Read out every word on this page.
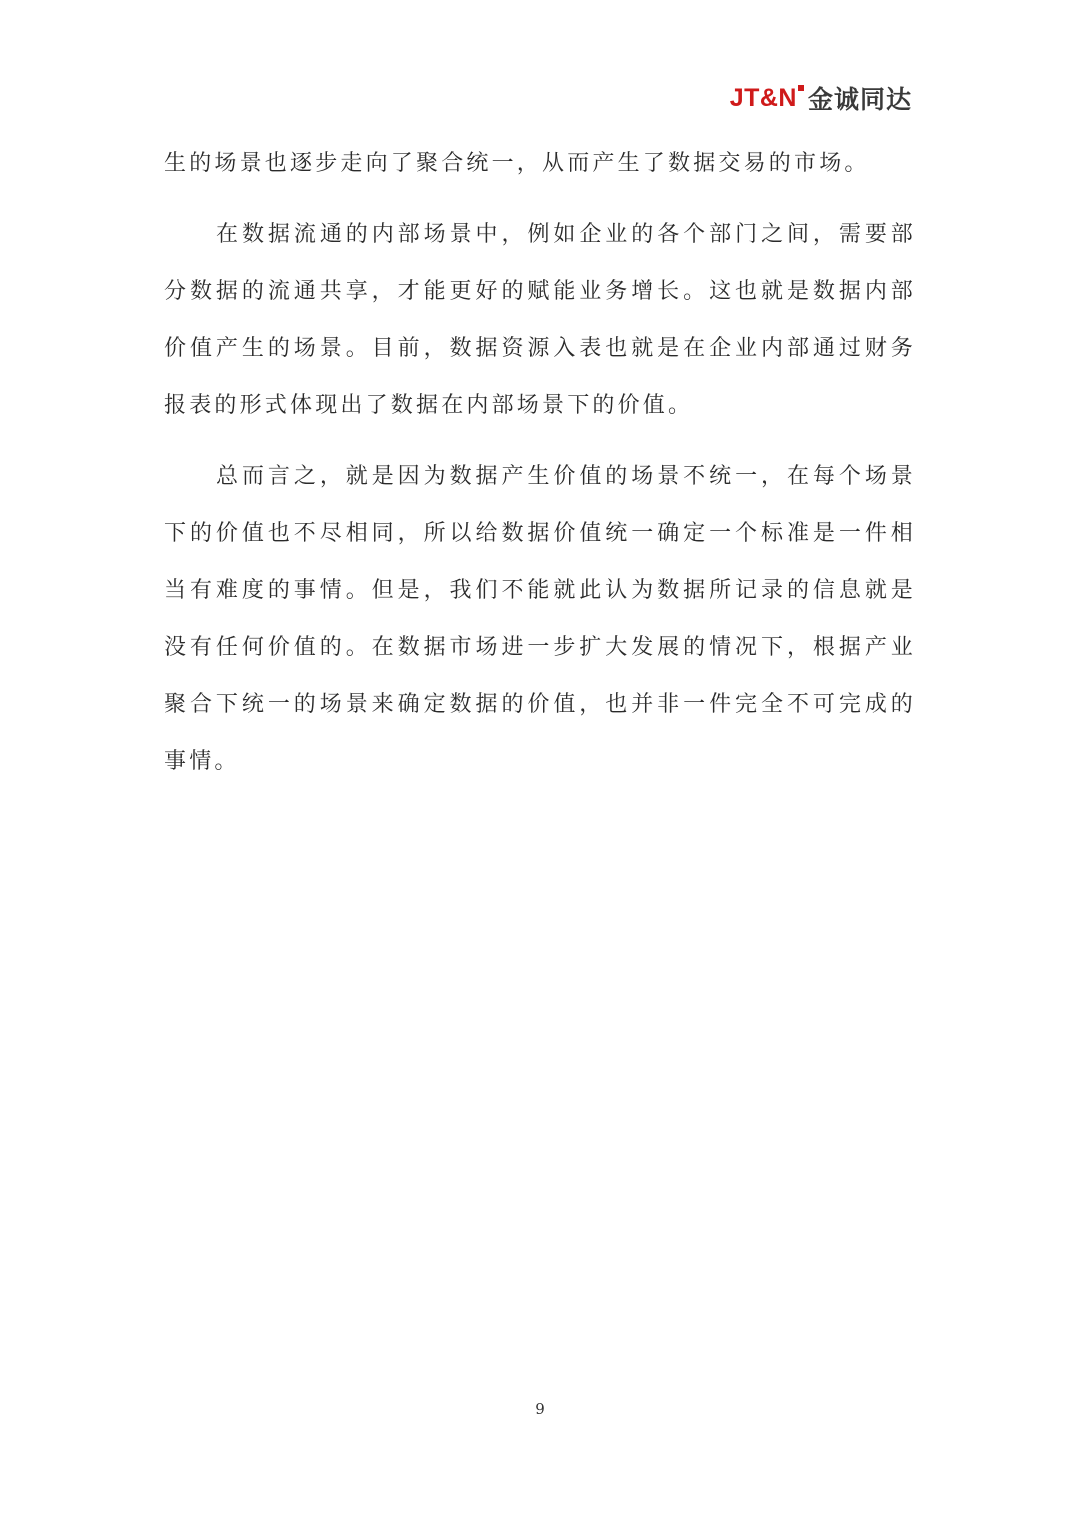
JT&N 金诚同达

生的场景也逐步走向了聚合统一，从而产生了数据交易的市场。

在数据流通的内部场景中，例如企业的各个部门之间，需要部分数据的流通共享，才能更好的赋能业务增长。这也就是数据内部价值产生的场景。目前，数据资源入表也就是在企业内部通过财务报表的形式体现出了数据在内部场景下的价值。

总而言之，就是因为数据产生价值的场景不统一，在每个场景下的价值也不尽相同，所以给数据价值统一确定一个标准是一件相当有难度的事情。但是，我们不能就此认为数据所记录的信息就是没有任何价值的。在数据市场进一步扩大发展的情况下，根据产业聚合下统一的场景来确定数据的价值，也并非一件完全不可完成的事情。

9
